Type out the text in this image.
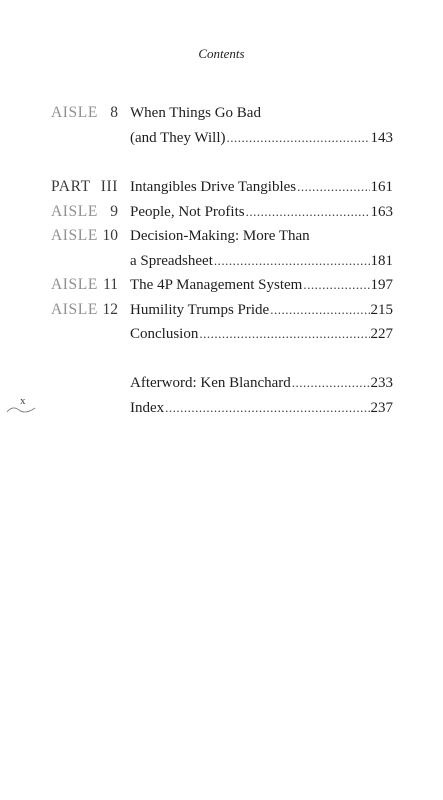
Contents
AISLE 8 When Things Go Bad
(and They Will) .....	143
PART III Intangibles Drive Tangibles .....	161
AISLE 9 People, Not Profits .....	163
AISLE 10 Decision-Making: More Than
a Spreadsheet .....	181
AISLE 11 The 4P Management System .....	197
AISLE 12 Humility Trumps Pride .....	215
Conclusion .....	227
Afterword: Ken Blanchard .....	233
Index .....	237
x
